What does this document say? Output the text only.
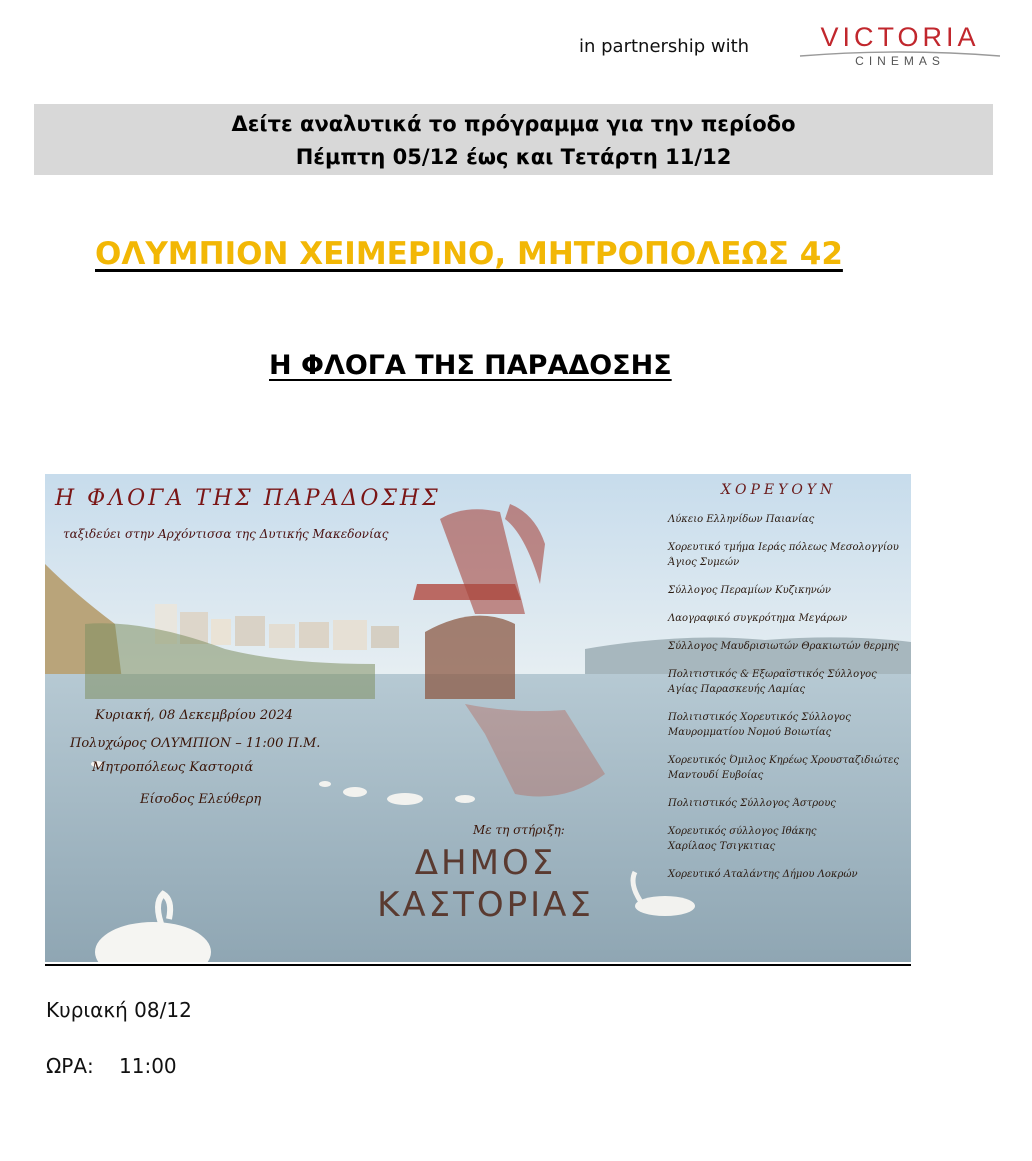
in partnership with	VICTORIA
CINEMAS
Δείτε αναλυτικά το πρόγραμμα για την περίοδο
Πέμπτη 05/12 έως και Τετάρτη 11/12
ΟΛΥΜΠΙΟΝ ΧΕΙΜΕΡΙΝΟ, ΜΗΤΡΟΠΟΛΕΩΣ 42
Η ΦΛΟΓΑ ΤΗΣ ΠΑΡΑΔΟΣΗΣ
Η ΦΛΟΓΑ ΤΗΣ ΠΑΡΑΔΟΣΗΣ
ταξιδεύει στην Αρχόντισσα της Δυτικής Μακεδονίας
Κυριακή, 08 Δεκεμβρίου 2024
Πολυχώρος ΟΛΥΜΠΙΟΝ – 11:00 Π.Μ.
Μητροπόλεως Καστοριά
Είσοδος Ελεύθερη
Με τη στήριξη:
ΔΗΜΟΣ
ΚΑΣΤΟΡΙΑΣ
ΧΟΡΕΥΟΥΝ
Λύκειο Ελληνίδων Παιανίας
Χορευτικό τμήμα Ιεράς πόλεως Μεσολογγίου
Άγιος Συμεών
Σύλλογος Περαμίων Κυζικηνών
Λαογραφικό συγκρότημα Μεγάρων
Σύλλογος Μαυδρισιωτών Θρακιωτών θερμης
Πολιτιστικός & Εξωραϊστικός Σύλλογος
Αγίας Παρασκευής Λαμίας
Πολιτιστικός Χορευτικός Σύλλογος
Μαυρομματίου Νομού Βοιωτίας
Χορευτικός Όμιλος Κηρέως Χρουσταζιδιώτες
Μαντουδί Ευβοίας
Πολιτιστικός Σύλλογος Άστρους
Χορευτικός σύλλογος Ιθάκης
Χαρίλαος Τσιγκιτιας
Χορευτικό Αταλάντης Δήμου Λοκρών
Κυριακή 08/12
ΩΡΑ: 11:00
